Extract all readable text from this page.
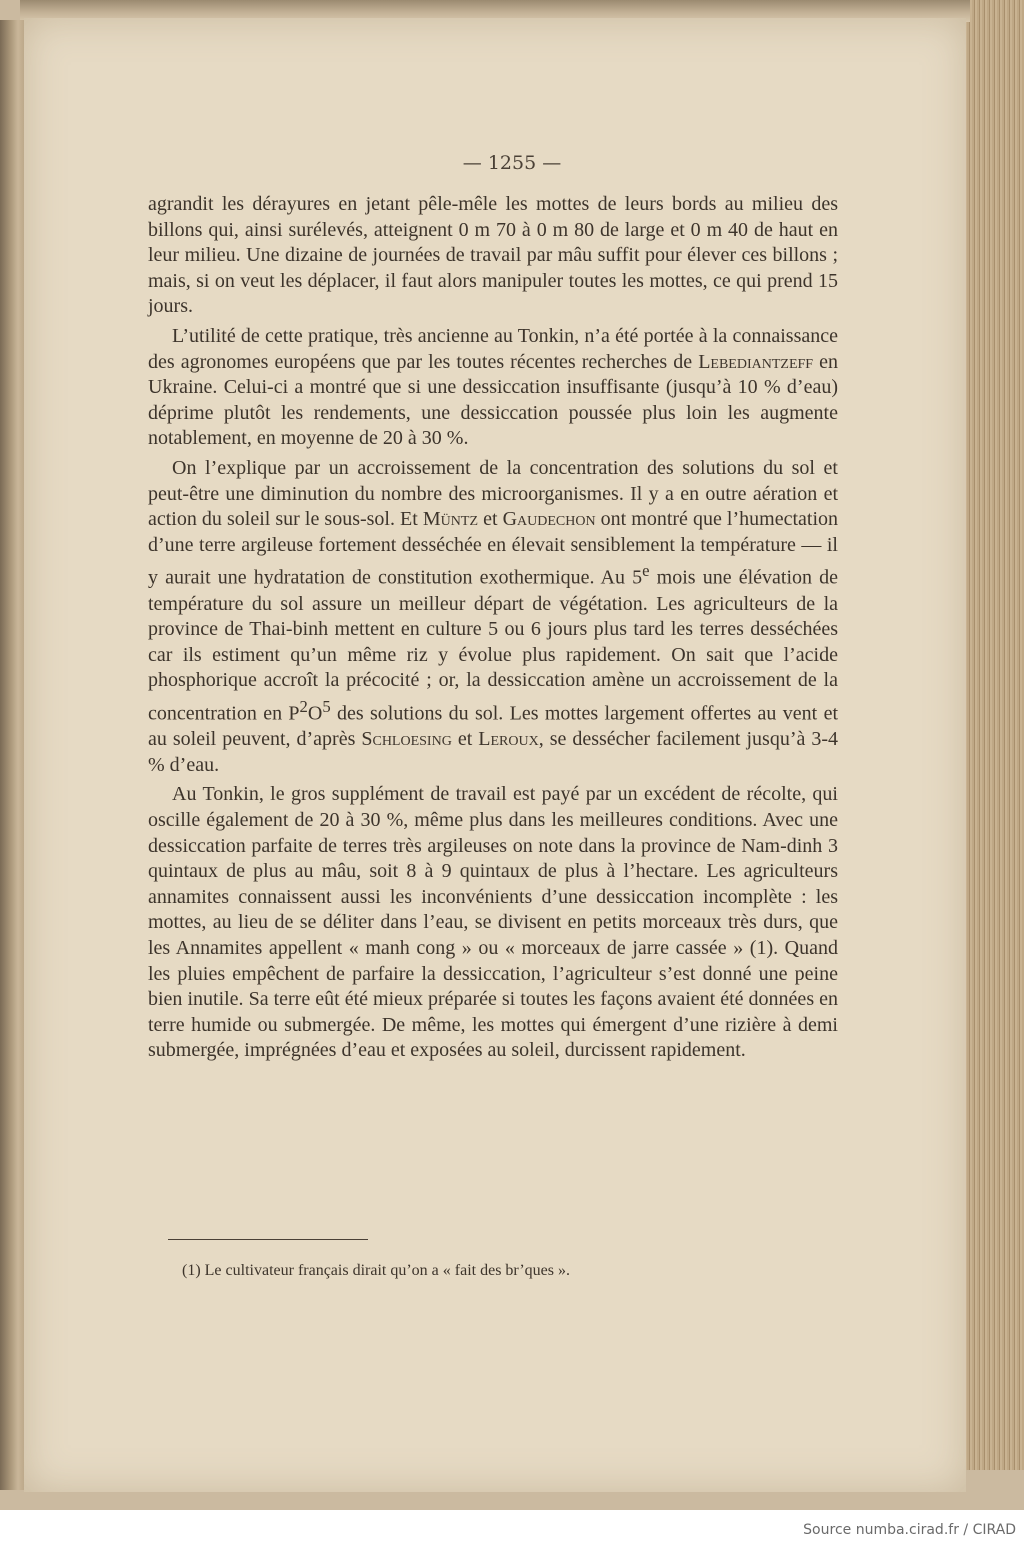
— 1255 —

agrandit les dérayures en jetant pêle-mêle les mottes de leurs bords au milieu des billons qui, ainsi surélevés, atteignent 0 m 70 à 0 m 80 de large et 0 m 40 de haut en leur milieu. Une dizaine de journées de travail par mâu suffit pour élever ces billons ; mais, si on veut les déplacer, il faut alors manipuler toutes les mottes, ce qui prend 15 jours.

L’utilité de cette pratique, très ancienne au Tonkin, n’a été portée à la connaissance des agronomes européens que par les toutes récentes recherches de Lebediantzeff en Ukraine. Celui-ci a montré que si une dessiccation insuffisante (jusqu’à 10 % d’eau) déprime plutôt les rendements, une dessiccation poussée plus loin les augmente notablement, en moyenne de 20 à 30 %.

On l’explique par un accroissement de la concentration des solutions du sol et peut-être une diminution du nombre des microorganismes. Il y a en outre aération et action du soleil sur le sous-sol. Et Müntz et Gaudechon ont montré que l’humectation d’une terre argileuse fortement desséchée en élevait sensiblement la température — il y aurait une hydratation de constitution exothermique. Au 5e mois une élévation de température du sol assure un meilleur départ de végétation. Les agriculteurs de la province de Thai-binh mettent en culture 5 ou 6 jours plus tard les terres desséchées car ils estiment qu’un même riz y évolue plus rapidement. On sait que l’acide phosphorique accroît la précocité ; or, la dessiccation amène un accroissement de la concentration en $P^2O^5$ des solutions du sol. Les mottes largement offertes au vent et au soleil peuvent, d’après Schloesing et Leroux, se dessécher facilement jusqu’à 3-4 % d’eau.

Au Tonkin, le gros supplément de travail est payé par un excédent de récolte, qui oscille également de 20 à 30 %, même plus dans les meilleures conditions. Avec une dessiccation parfaite de terres très argileuses on note dans la province de Nam-dinh 3 quintaux de plus au mâu, soit 8 à 9 quintaux de plus à l’hectare. Les agriculteurs annamites connaissent aussi les inconvénients d’une dessiccation incomplète : les mottes, au lieu de se déliter dans l’eau, se divisent en petits morceaux très durs, que les Annamites appellent « manh cong » ou « morceaux de jarre cassée » (1). Quand les pluies empêchent de parfaire la dessiccation, l’agriculteur s’est donné une peine bien inutile. Sa terre eût été mieux préparée si toutes les façons avaient été données en terre humide ou submergée. De même, les mottes qui émergent d’une rizière à demi submergée, imprégnées d’eau et exposées au soleil, durcissent rapidement.

(1) Le cultivateur français dirait qu’on a « fait des br’ques ».
Source numba.cirad.fr / CIRAD
